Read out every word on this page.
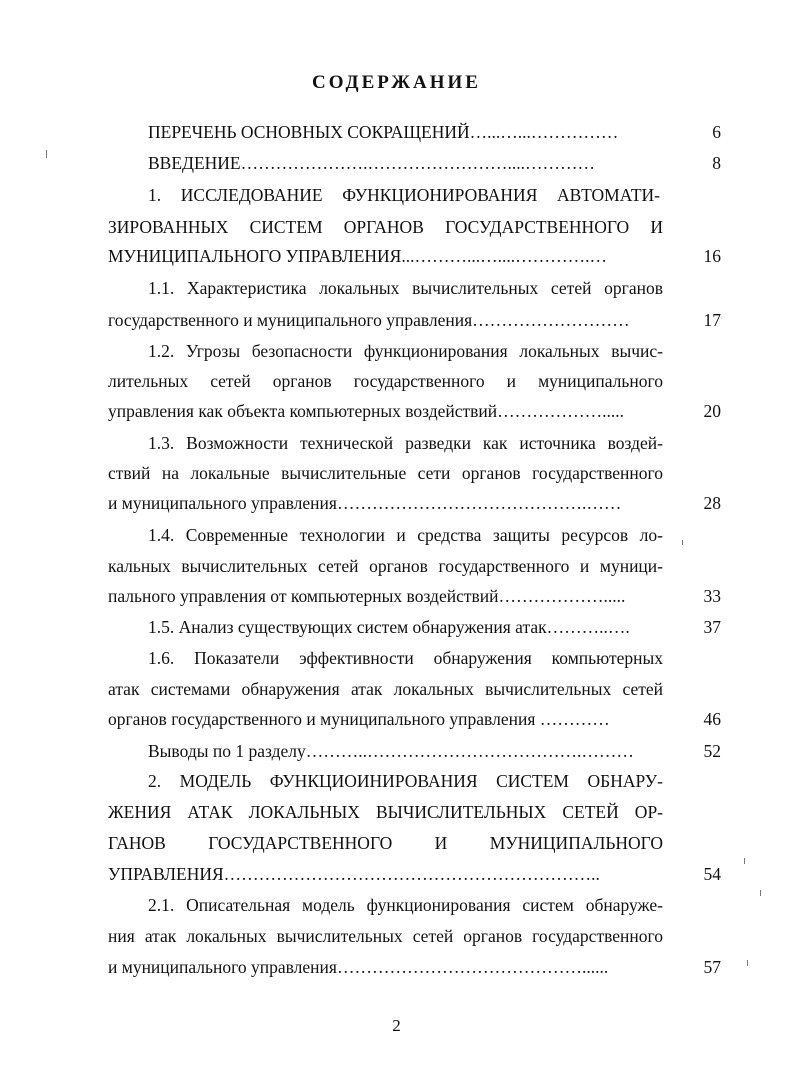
СОДЕРЖАНИЕ
ПЕРЕЧЕНЬ ОСНОВНЫХ СОКРАЩЕНИЙ…...…...……………	6
ВВЕДЕНИЕ………………….……………………....…………	8
1. ИССЛЕДОВАНИЕ ФУНКЦИОНИРОВАНИЯ АВТОМАТИ-
ЗИРОВАННЫХ СИСТЕМ ОРГАНОВ ГОСУДАРСТВЕННОГО И
МУНИЦИПАЛЬНОГО УПРАВЛЕНИЯ...………...…....………….…	16
1.1. Характеристика локальных вычислительных сетей органов
государственного и муниципального управления………………………	17
1.2. Угрозы безопасности функционирования локальных вычис-
лительных сетей органов государственного и муниципального
управления как объекта компьютерных воздействий……………….....	20
1.3. Возможности технической разведки как источника воздей-
ствий на локальные вычислительные сети органов государственного
и муниципального управления…………………………………….……	28
1.4. Современные технологии и средства защиты ресурсов ло-
кальных вычислительных сетей органов государственного и муници-
пального управления от компьютерных воздействий……………….....	33
1.5. Анализ существующих систем обнаружения атак………..….	37
1.6. Показатели эффективности обнаружения компьютерных
атак системами обнаружения атак локальных вычислительных сетей
органов государственного и муниципального управления …………	46
Выводы по 1 разделу………..……………………………….………	52
2. МОДЕЛЬ ФУНКЦИОИНИРОВАНИЯ СИСТЕМ ОБНАРУ-
ЖЕНИЯ АТАК ЛОКАЛЬНЫХ ВЫЧИСЛИТЕЛЬНЫХ СЕТЕЙ ОР-
ГАНОВ ГОСУДАРСТВЕННОГО И МУНИЦИПАЛЬНОГО
УПРАВЛЕНИЯ………………………………………………………..	54
2.1. Описательная модель функционирования систем обнаруже-
ния атак локальных вычислительных сетей органов государственного
и муниципального управления……………………………………......	57
2
